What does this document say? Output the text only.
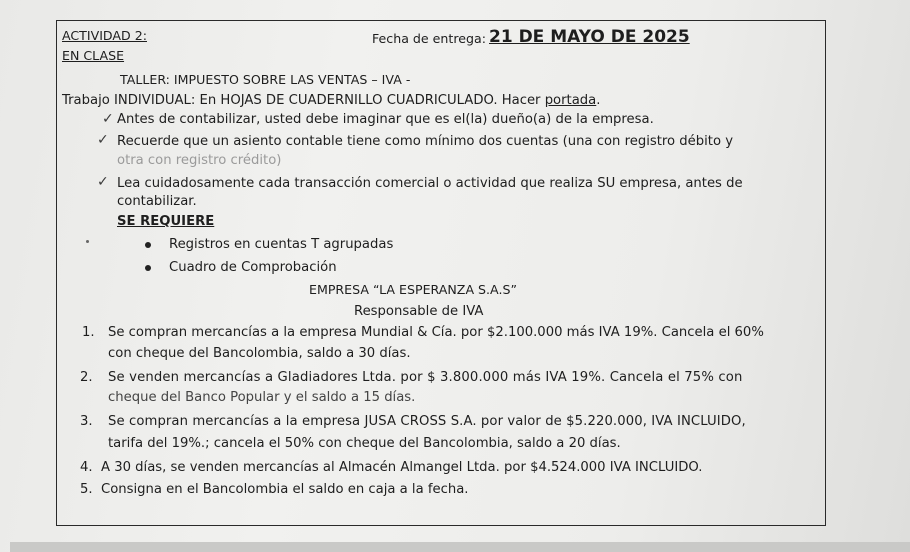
ACTIVIDAD 2:
EN CLASE
Fecha de entrega: 21 DE MAYO DE 2025
TALLER: IMPUESTO SOBRE LAS VENTAS – IVA -
Trabajo INDIVIDUAL: En HOJAS DE CUADERNILLO CUADRICULADO. Hacer portada.
✓ Antes de contabilizar, usted debe imaginar que es el(la) dueño(a) de la empresa.
✓ Recuerde que un asiento contable tiene como mínimo dos cuentas (una con registro débito y
otra con registro crédito)
✓ Lea cuidadosamente cada transacción comercial o actividad que realiza SU empresa, antes de
contabilizar.
SE REQUIERE
Registros en cuentas T agrupadas
Cuadro de Comprobación
EMPRESA “LA ESPERANZA S.A.S”
Responsable de IVA
1. Se compran mercancías a la empresa Mundial & Cía. por $2.100.000 más IVA 19%. Cancela el 60%
con cheque del Bancolombia, saldo a 30 días.
2. Se venden mercancías a Gladiadores Ltda. por $ 3.800.000 más IVA 19%. Cancela el 75% con
cheque del Banco Popular y el saldo a 15 días.
3. Se compran mercancías a la empresa JUSA CROSS S.A. por valor de $5.220.000, IVA INCLUIDO,
tarifa del 19%.; cancela el 50% con cheque del Bancolombia, saldo a 20 días.
4. A 30 días, se venden mercancías al Almacén Almangel Ltda. por $4.524.000 IVA INCLUIDO.
5. Consigna en el Bancolombia el saldo en caja a la fecha.
